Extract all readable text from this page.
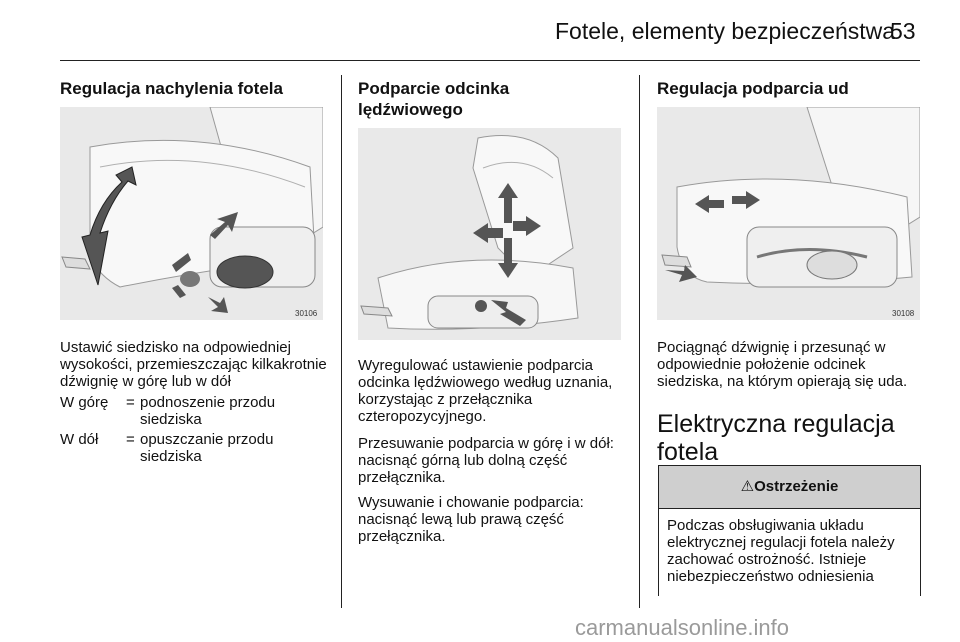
Fotele, elementy bezpieczeństwa
53
Regulacja nachylenia fotela
30106

Ustawić siedzisko na odpowiedniej wysokości, przemieszczając kilkakrotnie dźwignię w górę lub w dół

W górę = podnoszenie przodu siedziska
W dół = opuszczanie przodu siedziska
Podparcie odcinka
lędźwiowego

Wyregulować ustawienie podparcia odcinka lędźwiowego według uznania, korzystając z przełącznika czteropozycyjnego.

Przesuwanie podparcia w górę i w dół: nacisnąć górną lub dolną część przełącznika.

Wysuwanie i chowanie podparcia: nacisnąć lewą lub prawą część przełącznika.

Regulacja podparcia ud
30108

Pociągnąć dźwignię i przesunąć w odpowiednie położenie odcinek siedziska, na którym opierają się uda.

Elektryczna regulacja
fotela
⚠Ostrzeżenie
Podczas obsługiwania układu elektrycznej regulacji fotela należy zachować ostrożność. Istnieje niebezpieczeństwo odniesienia
carmanualsonline.info
